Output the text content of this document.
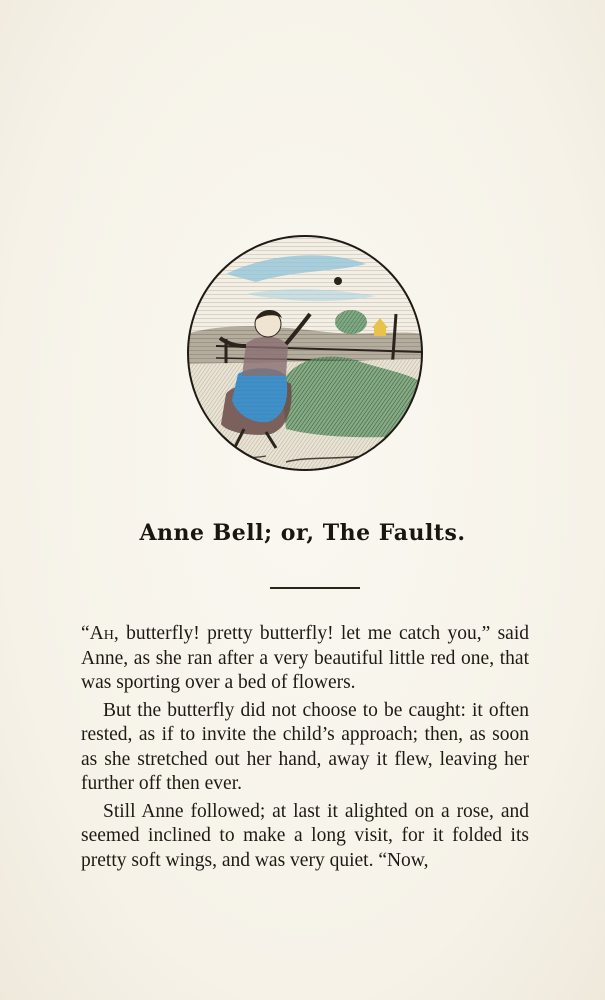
Anne Bell; or, The Faults.

“Ah, butterfly! pretty butterfly! let me catch you,” said Anne, as she ran after a very beautiful little red one, that was sporting over a bed of flowers.

But the butterfly did not choose to be caught: it often rested, as if to invite the child’s approach; then, as soon as she stretched out her hand, away it flew, leaving her further off then ever.

Still Anne followed; at last it alighted on a rose, and seemed inclined to make a long visit, for it folded its pretty soft wings, and was very quiet. “Now,
